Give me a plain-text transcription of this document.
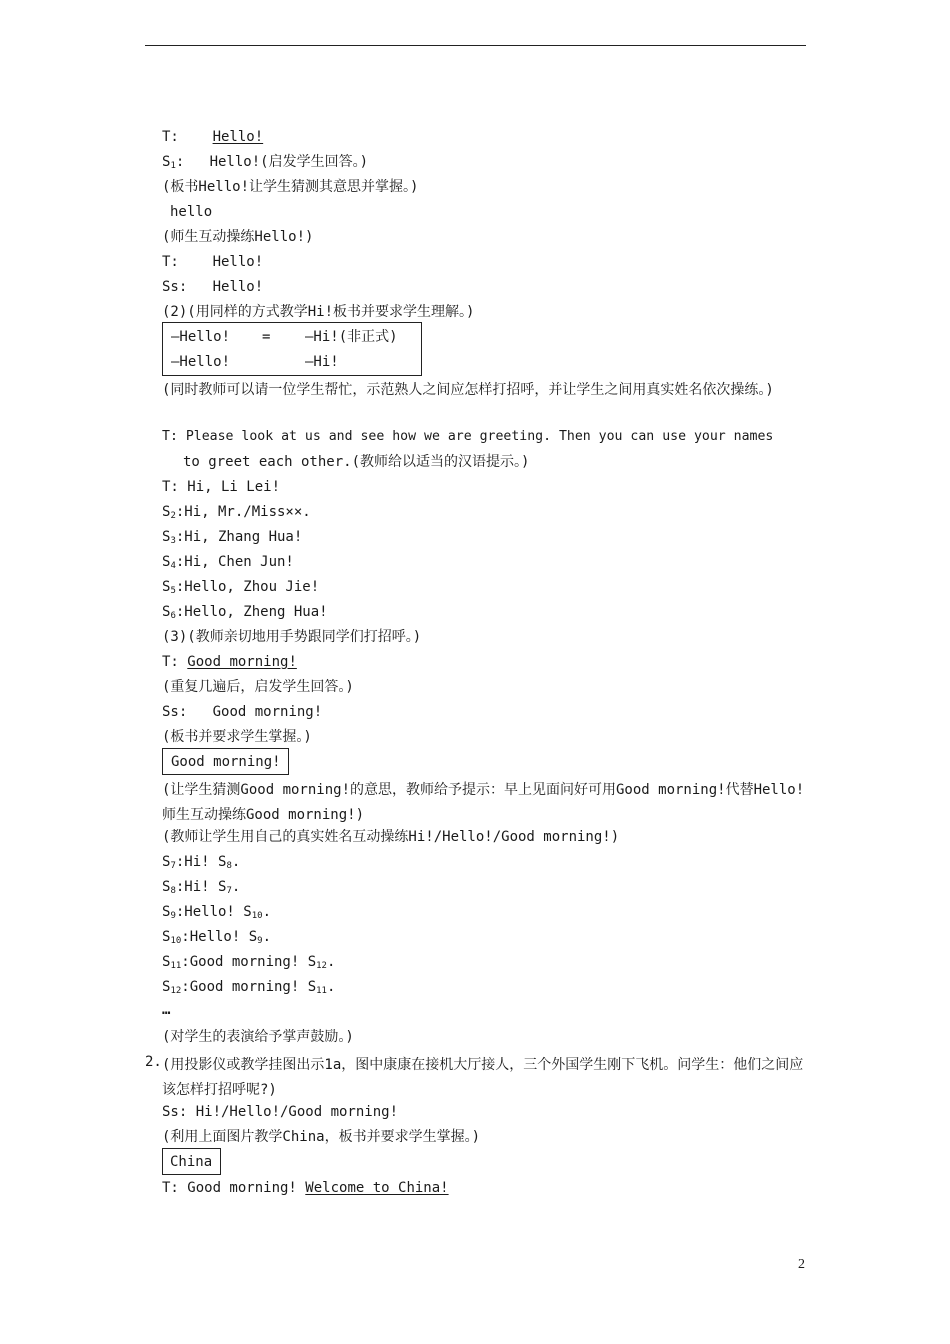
T: Hello!
$S_1$:   Hello!(启发学生回答。)
(板书Hello!让学生猜测其意思并掌握。)
hello
(师生互动操练Hello!)
T: Hello!
Ss: Hello!
(2)(用同样的方式教学Hi!板书并要求学生理解。)
—Hello! = —Hi!(非正式)
—Hello!	—Hi!
(同时教师可以请一位学生帮忙，示范熟人之间应怎样打招呼，并让学生之间用真实姓名依次操练。)
T: Please look at us and see how we are greeting. Then you can use your names
to greet each other.(教师给以适当的汉语提示。)
T: Hi, Li Lei!
$S_2:Hi$, Mr./Miss××.
$S_3:Hi$, Zhang Hua!
$S_4:Hi$, Chen Jun!
$S_5:Hello$, Zhou Jie!
$S_6:Hello$, Zheng Hua!
(3)(教师亲切地用手势跟同学们打招呼。)
T: Good morning!
(重复几遍后，启发学生回答。)
Ss: Good morning!
(板书并要求学生掌握。)
Good morning!
(让学生猜测Good morning!的意思，教师给予提示：早上见面问好可用Good morning!代替Hello!师生互动操练Good morning!)
(教师让学生用自己的真实姓名互动操练Hi!/Hello!/Good morning!)
$S_7:Hi$! $S_8$.
$S_8:Hi$! $S_7$.
$S_9:Hello$! $S_{10}$.
$S_{10}:Hello$! $S_9$.
$S_{11}:Good$ morning! $S_{12}$.
$S_{12}:Good$ morning! $S_{11}$.
…
(对学生的表演给予掌声鼓励。)
2. (用投影仪或教学挂图出示1a，图中康康在接机大厅接人，三个外国学生刚下飞机。问学生：他们之间应该怎样打招呼呢?)
Ss: Hi!/Hello!/Good morning!
(利用上面图片教学China，板书并要求学生掌握。)
China
T: Good morning! Welcome to China!
2
